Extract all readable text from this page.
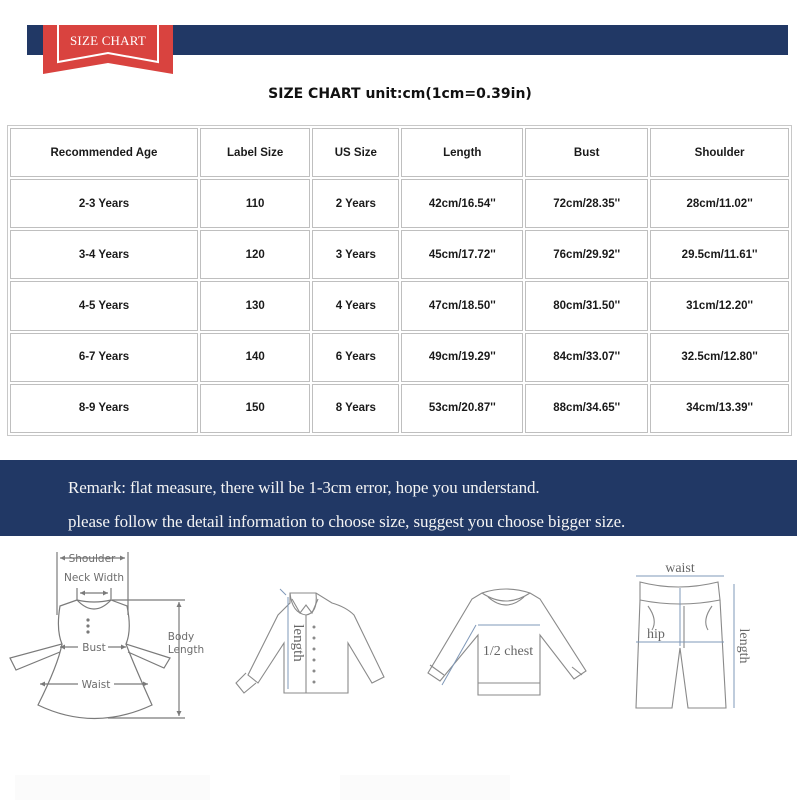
SIZE CHART
SIZE CHART unit:cm(1cm=0.39in)
Recommended Age	Label Size	US Size	Length	Bust	Shoulder
2-3 Years	110	2 Years	42cm/16.54''	72cm/28.35''	28cm/11.02''
3-4 Years	120	3 Years	45cm/17.72''	76cm/29.92''	29.5cm/11.61''
4-5 Years	130	4 Years	47cm/18.50''	80cm/31.50''	31cm/12.20''
6-7 Years	140	6 Years	49cm/19.29''	84cm/33.07''	32.5cm/12.80''
8-9 Years	150	8 Years	53cm/20.87''	88cm/34.65''	34cm/13.39''
Remark: flat measure, there will be 1-3cm error, hope you understand.
please follow the detail information to choose size, suggest you choose bigger size.
Shoulder
Neck Width
Bust
Waist
Body
Length	length	1/2 chest
waist
hip	length
